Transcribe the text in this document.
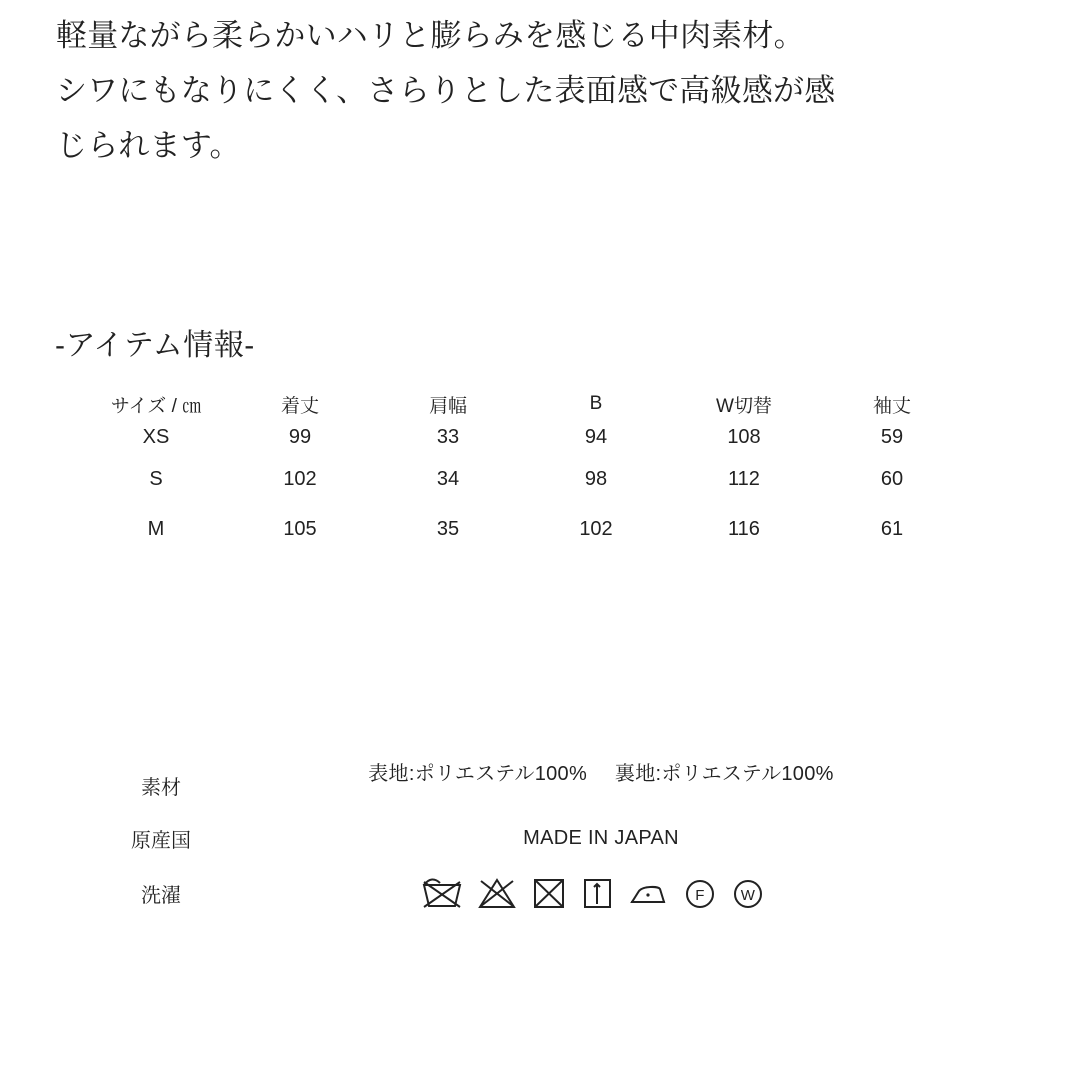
軽量ながら柔らかいハリと膨らみを感じる中肉素材。
シワにもなりにくく、さらりとした表面感で高級感が感
じられます。
-アイテム情報-
サイズ / ㎝	着丈	肩幅	B	W切替	袖丈
XS	99	33	94	108	59
S	102	34	98	112	60
M	105	35	102	116	61
素材
表地:ポリエステル100% 裏地:ポリエステル100%
原産国	MADE IN JAPAN
洗濯	F W
